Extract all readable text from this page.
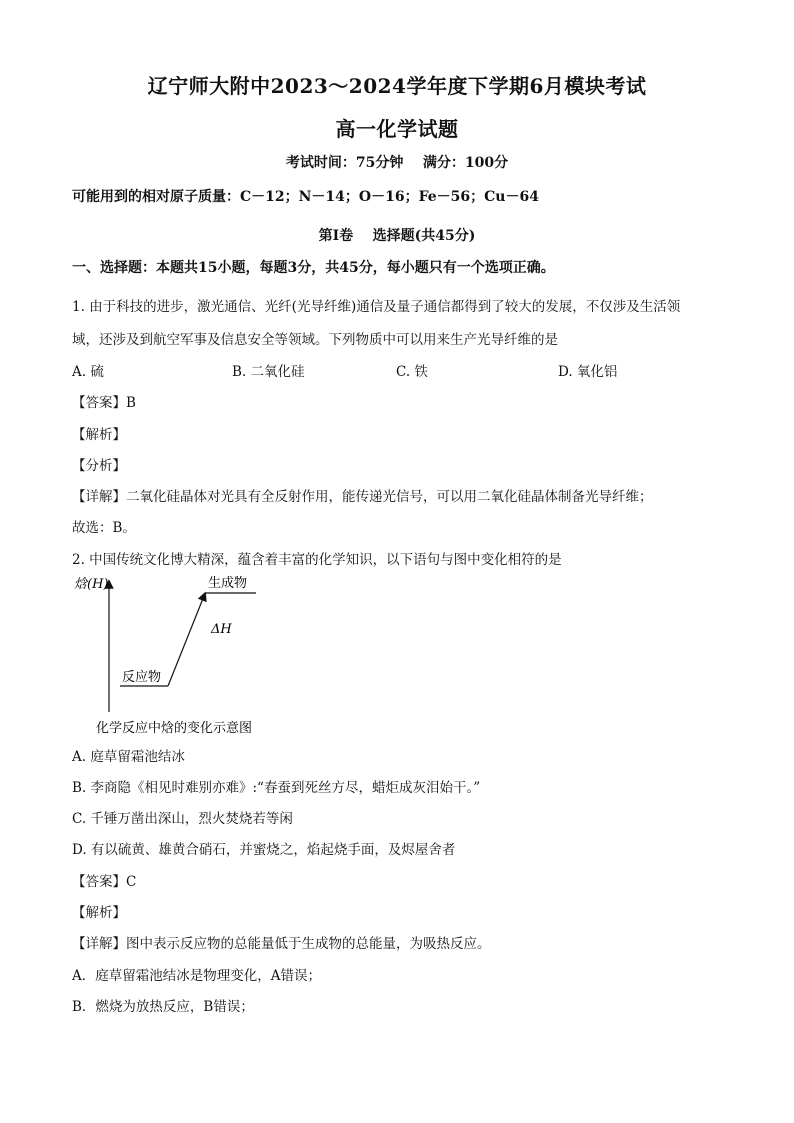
辽宁师大附中2023～2024学年度下学期6月模块考试
高一化学试题
考试时间：75分钟    满分：100分
可能用到的相对原子质量：C－12；N－14；O－16；Fe－56；Cu－64
第Ⅰ卷    选择题(共45分)
一、选择题：本题共15小题，每题3分，共45分，每小题只有一个选项正确。
1. 由于科技的进步，激光通信、光纤(光导纤维)通信及量子通信都得到了较大的发展，不仅涉及生活领
域，还涉及到航空军事及信息安全等领域。下列物质中可以用来生产光导纤维的是
A. 硫	B. 二氧化硅	C. 铁	D. 氧化铝
【答案】B
【解析】
【分析】
【详解】二氧化硅晶体对光具有全反射作用，能传递光信号，可以用二氧化硅晶体制备光导纤维；
故选：B。
2. 中国传统文化博大精深，蕴含着丰富的化学知识，以下语句与图中变化相符的是
焓(H)	生成物
反应物
ΔH
化学反应中焓的变化示意图
A. 庭草留霜池结冰
B. 李商隐《相见时难别亦难》:“春蚕到死丝方尽，蜡炬成灰泪始干。”
C. 千锤万凿出深山，烈火焚烧若等闲
D. 有以硫黄、雄黄合硝石，并蜜烧之，焰起烧手面，及烬屋舍者
【答案】C
【解析】
【详解】图中表示反应物的总能量低于生成物的总能量，为吸热反应。
A．庭草留霜池结冰是物理变化，A错误；
B．燃烧为放热反应，B错误；
